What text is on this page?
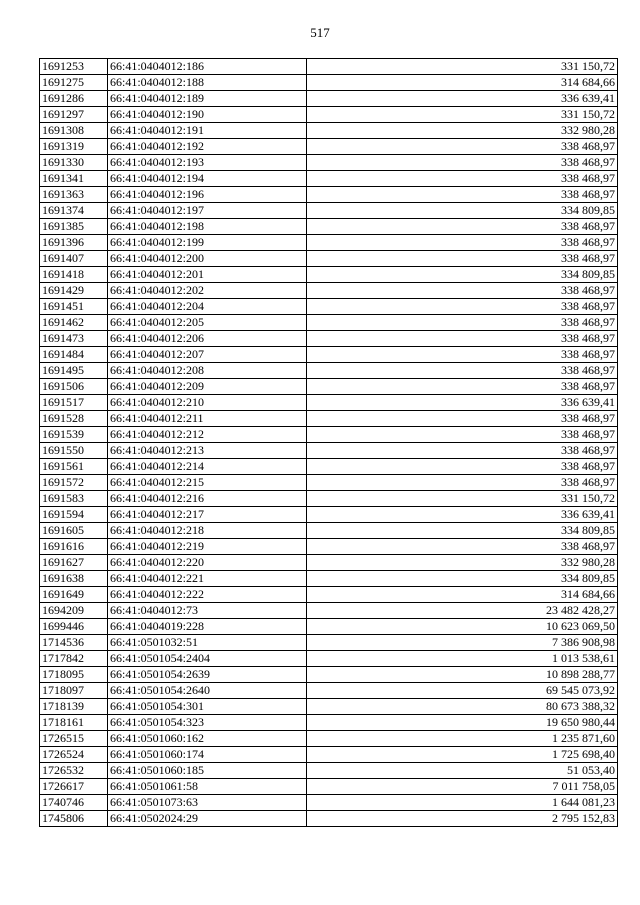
517
1691253	66:41:0404012:186	331 150,72
1691275	66:41:0404012:188	314 684,66
1691286	66:41:0404012:189	336 639,41
1691297	66:41:0404012:190	331 150,72
1691308	66:41:0404012:191	332 980,28
1691319	66:41:0404012:192	338 468,97
1691330	66:41:0404012:193	338 468,97
1691341	66:41:0404012:194	338 468,97
1691363	66:41:0404012:196	338 468,97
1691374	66:41:0404012:197	334 809,85
1691385	66:41:0404012:198	338 468,97
1691396	66:41:0404012:199	338 468,97
1691407	66:41:0404012:200	338 468,97
1691418	66:41:0404012:201	334 809,85
1691429	66:41:0404012:202	338 468,97
1691451	66:41:0404012:204	338 468,97
1691462	66:41:0404012:205	338 468,97
1691473	66:41:0404012:206	338 468,97
1691484	66:41:0404012:207	338 468,97
1691495	66:41:0404012:208	338 468,97
1691506	66:41:0404012:209	338 468,97
1691517	66:41:0404012:210	336 639,41
1691528	66:41:0404012:211	338 468,97
1691539	66:41:0404012:212	338 468,97
1691550	66:41:0404012:213	338 468,97
1691561	66:41:0404012:214	338 468,97
1691572	66:41:0404012:215	338 468,97
1691583	66:41:0404012:216	331 150,72
1691594	66:41:0404012:217	336 639,41
1691605	66:41:0404012:218	334 809,85
1691616	66:41:0404012:219	338 468,97
1691627	66:41:0404012:220	332 980,28
1691638	66:41:0404012:221	334 809,85
1691649	66:41:0404012:222	314 684,66
1694209	66:41:0404012:73	23 482 428,27
1699446	66:41:0404019:228	10 623 069,50
1714536	66:41:0501032:51	7 386 908,98
1717842	66:41:0501054:2404	1 013 538,61
1718095	66:41:0501054:2639	10 898 288,77
1718097	66:41:0501054:2640	69 545 073,92
1718139	66:41:0501054:301	80 673 388,32
1718161	66:41:0501054:323	19 650 980,44
1726515	66:41:0501060:162	1 235 871,60
1726524	66:41:0501060:174	1 725 698,40
1726532	66:41:0501060:185	51 053,40
1726617	66:41:0501061:58	7 011 758,05
1740746	66:41:0501073:63	1 644 081,23
1745806	66:41:0502024:29	2 795 152,83
